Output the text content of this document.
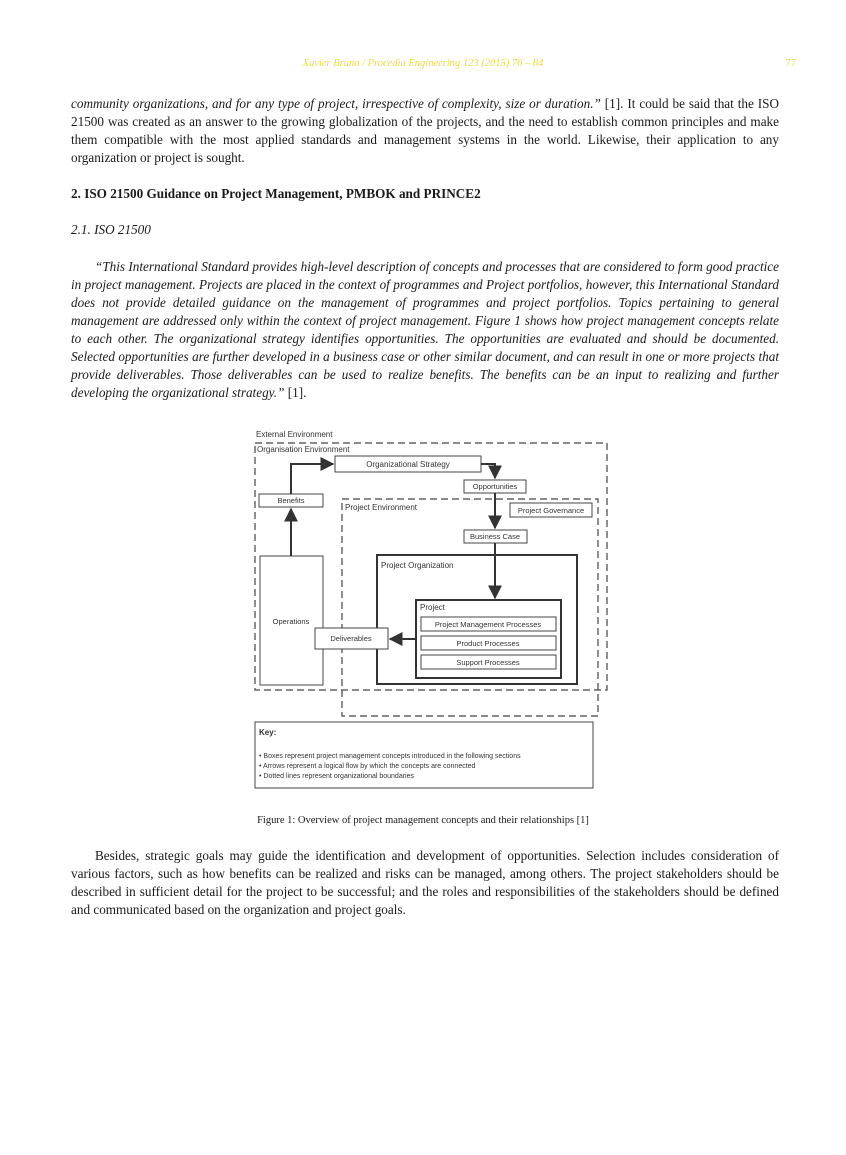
Xavier Bruno / Procedia Engineering 123 (2015) 76 – 84	77

community organizations, and for any type of project, irrespective of complexity, size or duration.” [1]. It could be said that the ISO 21500 was created as an answer to the growing globalization of the projects, and the need to establish common principles and make them compatible with the most applied standards and management systems in the world. Likewise, their application to any organization or project is sought.

2. ISO 21500 Guidance on Project Management, PMBOK and PRINCE2

2.1. ISO 21500

“This International Standard provides high-level description of concepts and processes that are considered to form good practice in project management. Projects are placed in the context of programmes and Project portfolios, however, this International Standard does not provide detailed guidance on the management of programmes and project portfolios. Topics pertaining to general management are addressed only within the context of project management. Figure 1 shows how project management concepts relate to each other. The organizational strategy identifies opportunities. The opportunities are evaluated and should be documented. Selected opportunities are further developed in a business case or other similar document, and can result in one or more projects that provide deliverables. Those deliverables can be used to realize benefits. The benefits can be an input to realizing and further developing the organizational strategy.” [1].

External Environment
Organisation Environment
Project Environment
Organizational Strategy
Opportunities
Benefits
Project Governance
Business Case
Project Organization
Project
Project Management Processes
Product Processes
Support Processes
Operations
Deliverables
Key:
• Boxes represent project management concepts introduced in the following sections
• Arrows represent a logical flow by which the concepts are connected
• Dotted lines represent organizational boundaries
Figure 1: Overview of project management concepts and their relationships [1]

Besides, strategic goals may guide the identification and development of opportunities. Selection includes consideration of various factors, such as how benefits can be realized and risks can be managed, among others. The project stakeholders should be described in sufficient detail for the project to be successful; and the roles and responsibilities of the stakeholders should be defined and communicated based on the organization and project goals.
